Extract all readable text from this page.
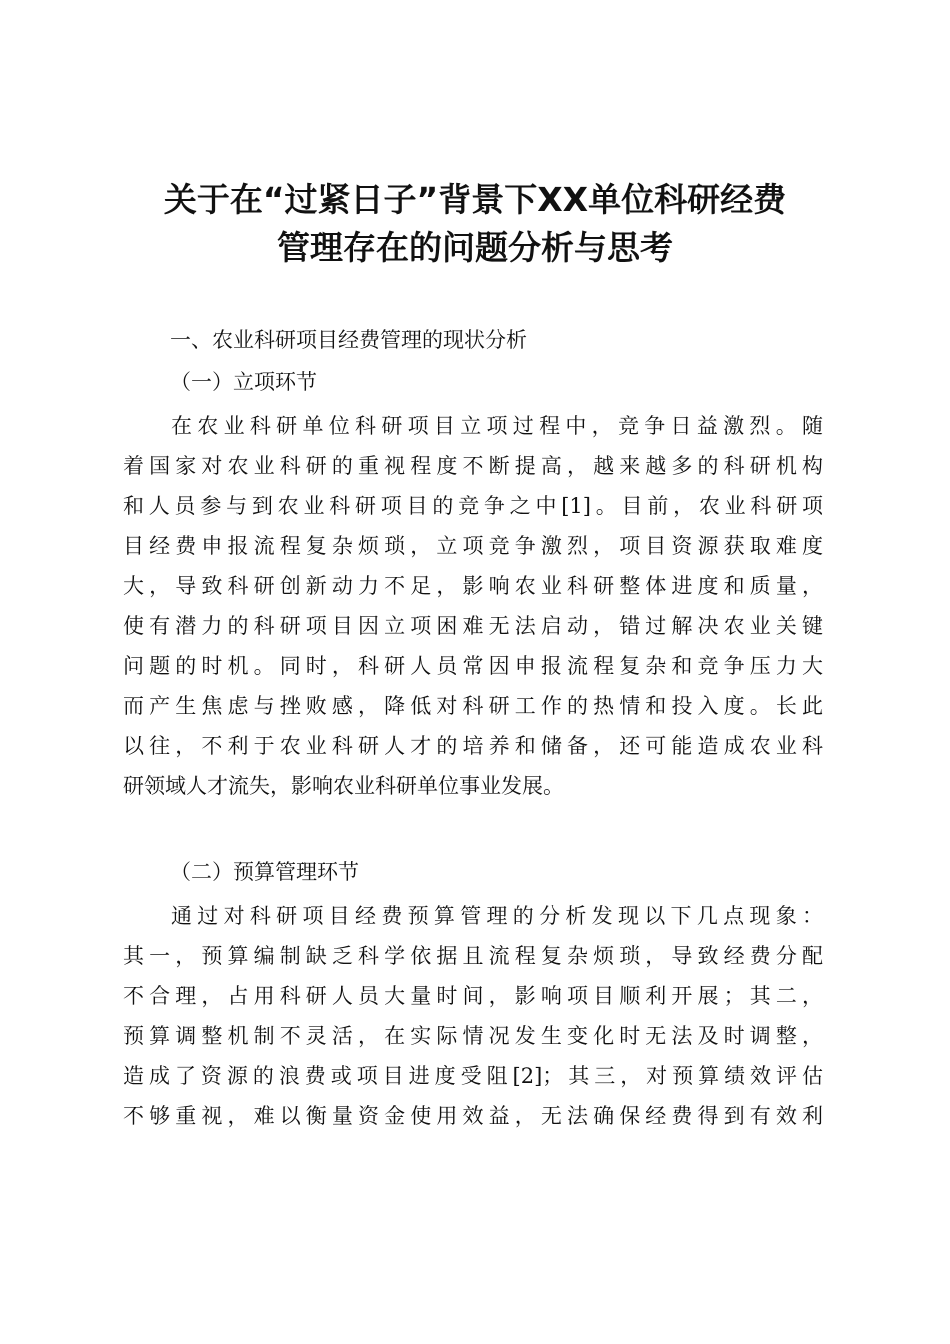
关于在“过紧日子”背景下XX单位科研经费
管理存在的问题分析与思考
一、农业科研项目经费管理的现状分析
（一）立项环节
在农业科研单位科研项目立项过程中，竞争日益激烈。随
着国家对农业科研的重视程度不断提高，越来越多的科研机构
和人员参与到农业科研项目的竞争之中[1]。目前，农业科研项
目经费申报流程复杂烦琐，立项竞争激烈，项目资源获取难度
大，导致科研创新动力不足，影响农业科研整体进度和质量，
使有潜力的科研项目因立项困难无法启动，错过解决农业关键
问题的时机。同时，科研人员常因申报流程复杂和竞争压力大
而产生焦虑与挫败感，降低对科研工作的热情和投入度。长此
以往，不利于农业科研人才的培养和储备，还可能造成农业科
研领域人才流失，影响农业科研单位事业发展。
（二）预算管理环节
通过对科研项目经费预算管理的分析发现以下几点现象：
其一，预算编制缺乏科学依据且流程复杂烦琐，导致经费分配
不合理，占用科研人员大量时间，影响项目顺利开展；其二，
预算调整机制不灵活，在实际情况发生变化时无法及时调整，
造成了资源的浪费或项目进度受阻[2]；其三，对预算绩效评估
不够重视，难以衡量资金使用效益，无法确保经费得到有效利
